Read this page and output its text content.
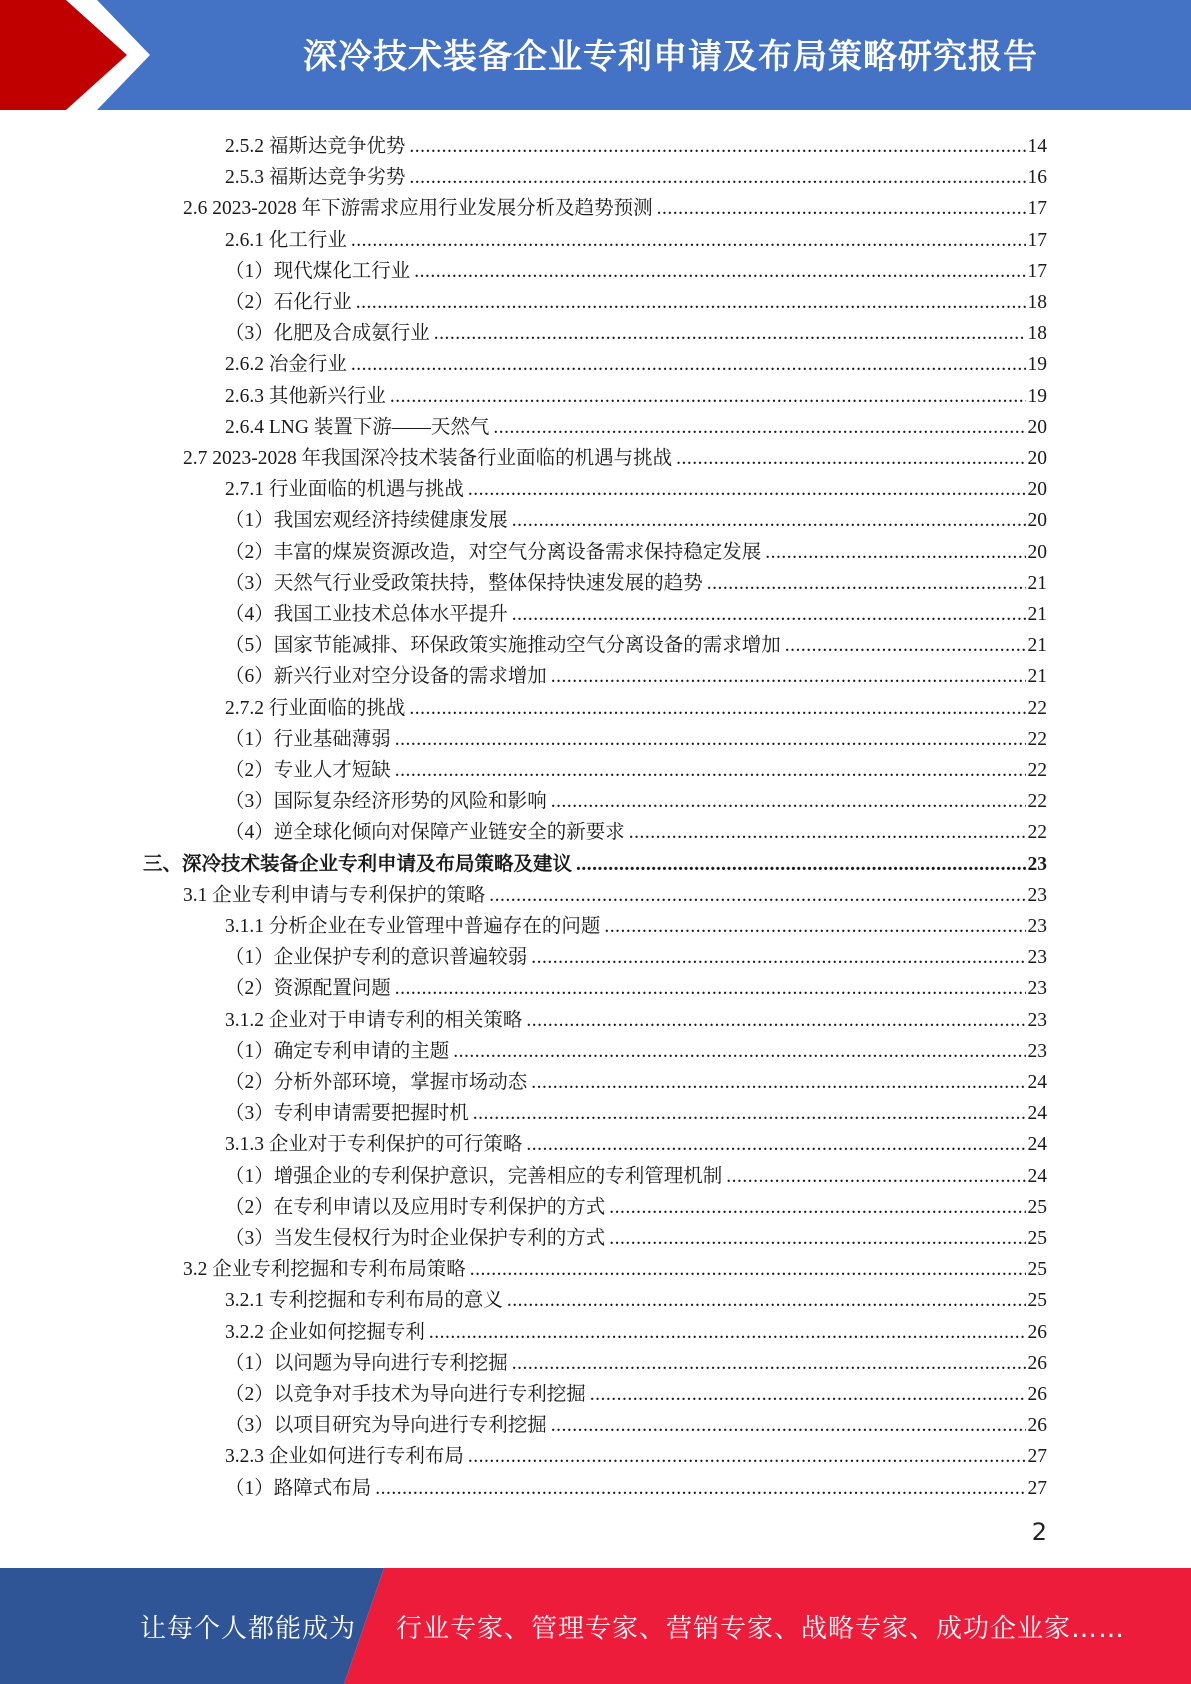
深冷技术装备企业专利申请及布局策略研究报告
2.5.2 福斯达竞争优势 .....	14
2.5.3 福斯达竞争劣势 .....	16
2.6 2023-2028 年下游需求应用行业发展分析及趋势预测 .....	17
2.6.1 化工行业 .....	17
（1）现代煤化工行业 .....	17
（2）石化行业 .....	18
（3）化肥及合成氨行业 .....	18
2.6.2 冶金行业 .....	19
2.6.3 其他新兴行业 .....	19
2.6.4 LNG 装置下游——天然气 .....	20
2.7 2023-2028 年我国深冷技术装备行业面临的机遇与挑战 .....	20
2.7.1 行业面临的机遇与挑战 .....	20
（1）我国宏观经济持续健康发展 .....	20
（2）丰富的煤炭资源改造，对空气分离设备需求保持稳定发展 .....	20
（3）天然气行业受政策扶持，整体保持快速发展的趋势 .....	21
（4）我国工业技术总体水平提升 .....	21
（5）国家节能减排、环保政策实施推动空气分离设备的需求增加 .....	21
（6）新兴行业对空分设备的需求增加 .....	21
2.7.2 行业面临的挑战 .....	22
（1）行业基础薄弱 .....	22
（2）专业人才短缺 .....	22
（3）国际复杂经济形势的风险和影响 .....	22
（4）逆全球化倾向对保障产业链安全的新要求 .....	22
三、深冷技术装备企业专利申请及布局策略及建议 .....	23
3.1 企业专利申请与专利保护的策略 .....	23
3.1.1 分析企业在专业管理中普遍存在的问题 .....	23
（1）企业保护专利的意识普遍较弱 .....	23
（2）资源配置问题 .....	23
3.1.2 企业对于申请专利的相关策略 .....	23
（1）确定专利申请的主题 .....	23
（2）分析外部环境，掌握市场动态 .....	24
（3）专利申请需要把握时机 .....	24
3.1.3 企业对于专利保护的可行策略 .....	24
（1）增强企业的专利保护意识，完善相应的专利管理机制 .....	24
（2）在专利申请以及应用时专利保护的方式 .....	25
（3）当发生侵权行为时企业保护专利的方式 .....	25
3.2 企业专利挖掘和专利布局策略 .....	25
3.2.1 专利挖掘和专利布局的意义 .....	25
3.2.2 企业如何挖掘专利 .....	26
（1）以问题为导向进行专利挖掘 .....	26
（2）以竞争对手技术为导向进行专利挖掘 .....	26
（3）以项目研究为导向进行专利挖掘 .....	26
3.2.3 企业如何进行专利布局 .....	27
（1）路障式布局 .....	27
2
让每个人都能成为 行业专家、管理专家、营销专家、战略专家、成功企业家……
